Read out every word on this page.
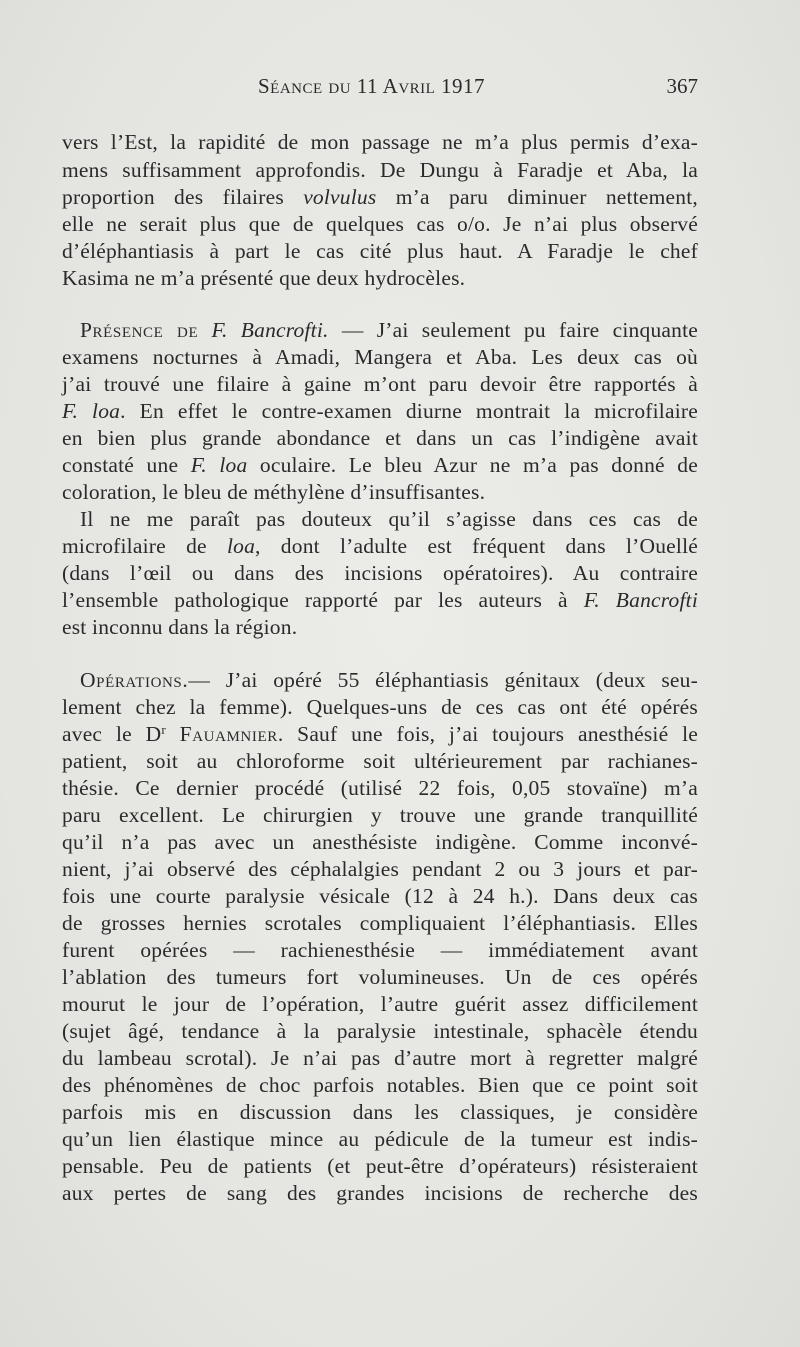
Séance du 11 Avril 1917	367
vers l’Est, la rapidité de mon passage ne m’a plus permis d’exa-
mens suffisamment approfondis. De Dungu à Faradje et Aba, la
proportion des filaires volvulus m’a paru diminuer nettement,
elle ne serait plus que de quelques cas o/o. Je n’ai plus observé
d’éléphantiasis à part le cas cité plus haut. A Faradje le chef
Kasima ne m’a présenté que deux hydrocèles.
Présence de F. Bancrofti. — J’ai seulement pu faire cinquante
examens nocturnes à Amadi, Mangera et Aba. Les deux cas où
j’ai trouvé une filaire à gaine m’ont paru devoir être rapportés à
F. loa. En effet le contre-examen diurne montrait la microfilaire
en bien plus grande abondance et dans un cas l’indigène avait
constaté une F. loa oculaire. Le bleu Azur ne m’a pas donné de
coloration, le bleu de méthylène d’insuffisantes.
Il ne me paraît pas douteux qu’il s’agisse dans ces cas de
microfilaire de loa, dont l’adulte est fréquent dans l’Ouellé
(dans l’œil ou dans des incisions opératoires). Au contraire
l’ensemble pathologique rapporté par les auteurs à F. Bancrofti
est inconnu dans la région.
Opérations.— J’ai opéré 55 éléphantiasis génitaux (deux seu-
lement chez la femme). Quelques-uns de ces cas ont été opérés
avec le $D^r$ Fauamnier. Sauf une fois, j’ai toujours anesthésié le
patient, soit au chloroforme soit ultérieurement par rachianes-
thésie. Ce dernier procédé (utilisé 22 fois, 0,05 stovaïne) m’a
paru excellent. Le chirurgien y trouve une grande tranquillité
qu’il n’a pas avec un anesthésiste indigène. Comme inconvé-
nient, j’ai observé des céphalalgies pendant 2 ou 3 jours et par-
fois une courte paralysie vésicale (12 à 24 h.). Dans deux cas
de grosses hernies scrotales compliquaient l’éléphantiasis. Elles
furent opérées — rachienesthésie — immédiatement avant
l’ablation des tumeurs fort volumineuses. Un de ces opérés
mourut le jour de l’opération, l’autre guérit assez difficilement
(sujet âgé, tendance à la paralysie intestinale, sphacèle étendu
du lambeau scrotal). Je n’ai pas d’autre mort à regretter malgré
des phénomènes de choc parfois notables. Bien que ce point soit
parfois mis en discussion dans les classiques, je considère
qu’un lien élastique mince au pédicule de la tumeur est indis-
pensable. Peu de patients (et peut-être d’opérateurs) résisteraient
aux pertes de sang des grandes incisions de recherche des
